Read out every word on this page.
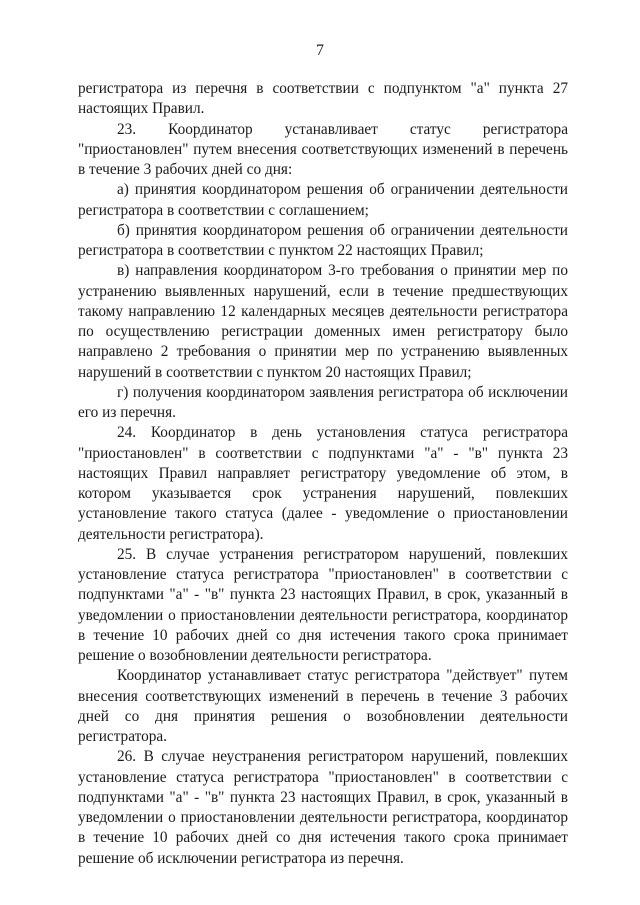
7

регистратора из перечня в соответствии с подпунктом "а" пункта 27 настоящих Правил.

23. Координатор устанавливает статус регистратора "приостановлен" путем внесения соответствующих изменений в перечень в течение 3 рабочих дней со дня:

а) принятия координатором решения об ограничении деятельности регистратора в соответствии с соглашением;

б) принятия координатором решения об ограничении деятельности регистратора в соответствии с пунктом 22 настоящих Правил;

в) направления координатором 3-го требования о принятии мер по устранению выявленных нарушений, если в течение предшествующих такому направлению 12 календарных месяцев деятельности регистратора по осуществлению регистрации доменных имен регистратору было направлено 2 требования о принятии мер по устранению выявленных нарушений в соответствии с пунктом 20 настоящих Правил;

г) получения координатором заявления регистратора об исключении его из перечня.

24. Координатор в день установления статуса регистратора "приостановлен" в соответствии с подпунктами "а" - "в" пункта 23 настоящих Правил направляет регистратору уведомление об этом, в котором указывается срок устранения нарушений, повлекших установление такого статуса (далее - уведомление о приостановлении деятельности регистратора).

25. В случае устранения регистратором нарушений, повлекших установление статуса регистратора "приостановлен" в соответствии с подпунктами "а" - "в" пункта 23 настоящих Правил, в срок, указанный в уведомлении о приостановлении деятельности регистратора, координатор в течение 10 рабочих дней со дня истечения такого срока принимает решение о возобновлении деятельности регистратора.

Координатор устанавливает статус регистратора "действует" путем внесения соответствующих изменений в перечень в течение 3 рабочих дней со дня принятия решения о возобновлении деятельности регистратора.

26. В случае неустранения регистратором нарушений, повлекших установление статуса регистратора "приостановлен" в соответствии с подпунктами "а" - "в" пункта 23 настоящих Правил, в срок, указанный в уведомлении о приостановлении деятельности регистратора, координатор в течение 10 рабочих дней со дня истечения такого срока принимает решение об исключении регистратора из перечня.
